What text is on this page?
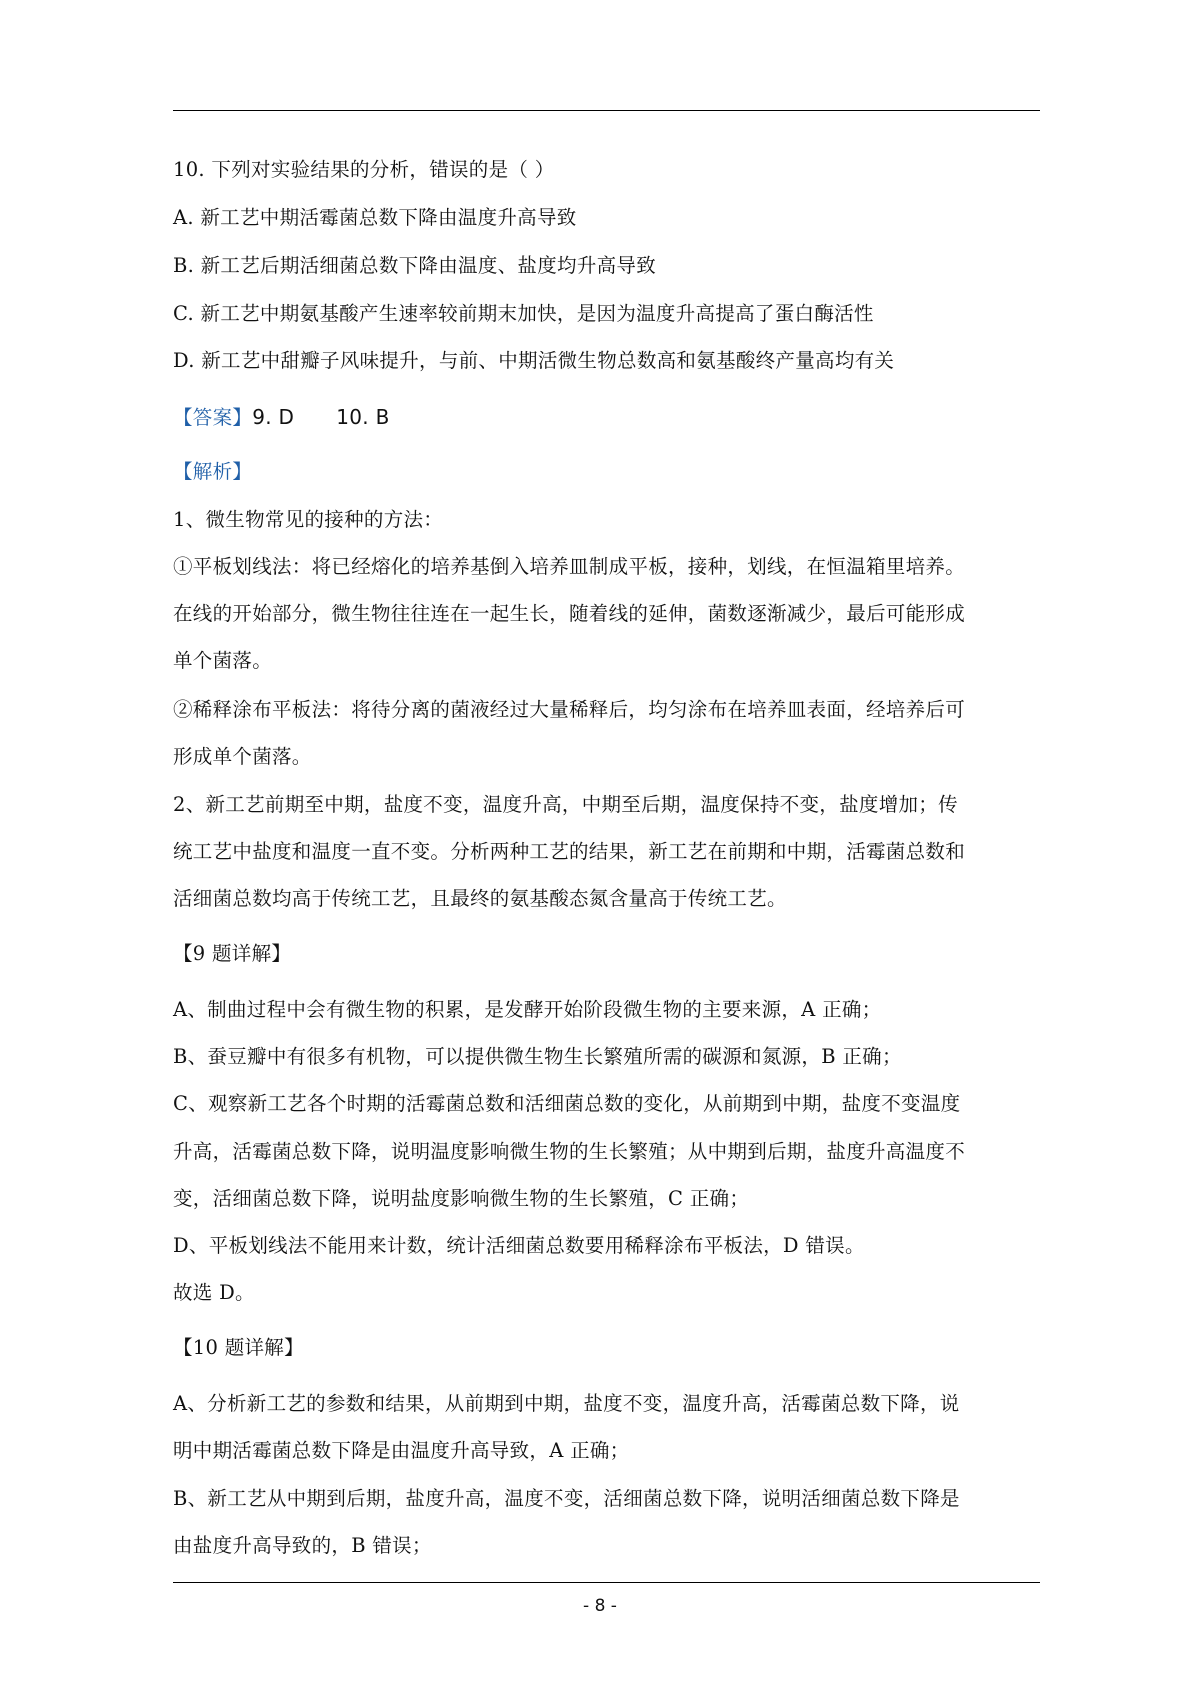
10. 下列对实验结果的分析，错误的是（ ）
A. 新工艺中期活霉菌总数下降由温度升高导致
B. 新工艺后期活细菌总数下降由温度、盐度均升高导致
C. 新工艺中期氨基酸产生速率较前期末加快，是因为温度升高提高了蛋白酶活性
D. 新工艺中甜瓣子风味提升，与前、中期活微生物总数高和氨基酸终产量高均有关
【答案】9. D 10. B
【解析】
1、微生物常见的接种的方法：
①平板划线法：将已经熔化的培养基倒入培养皿制成平板，接种，划线，在恒温箱里培养。
在线的开始部分，微生物往往连在一起生长，随着线的延伸，菌数逐渐减少，最后可能形成
单个菌落。
②稀释涂布平板法：将待分离的菌液经过大量稀释后，均匀涂布在培养皿表面，经培养后可
形成单个菌落。
2、新工艺前期至中期，盐度不变，温度升高，中期至后期，温度保持不变，盐度增加；传
统工艺中盐度和温度一直不变。分析两种工艺的结果，新工艺在前期和中期，活霉菌总数和
活细菌总数均高于传统工艺，且最终的氨基酸态氮含量高于传统工艺。
【9 题详解】
A、制曲过程中会有微生物的积累，是发酵开始阶段微生物的主要来源，A 正确；
B、蚕豆瓣中有很多有机物，可以提供微生物生长繁殖所需的碳源和氮源，B 正确；
C、观察新工艺各个时期的活霉菌总数和活细菌总数的变化，从前期到中期，盐度不变温度
升高，活霉菌总数下降，说明温度影响微生物的生长繁殖；从中期到后期，盐度升高温度不
变，活细菌总数下降，说明盐度影响微生物的生长繁殖，C 正确；
D、平板划线法不能用来计数，统计活细菌总数要用稀释涂布平板法，D 错误。
故选 D。
【10 题详解】
A、分析新工艺的参数和结果，从前期到中期，盐度不变，温度升高，活霉菌总数下降，说
明中期活霉菌总数下降是由温度升高导致，A 正确；
B、新工艺从中期到后期，盐度升高，温度不变，活细菌总数下降，说明活细菌总数下降是
由盐度升高导致的，B 错误；
- 8 -
